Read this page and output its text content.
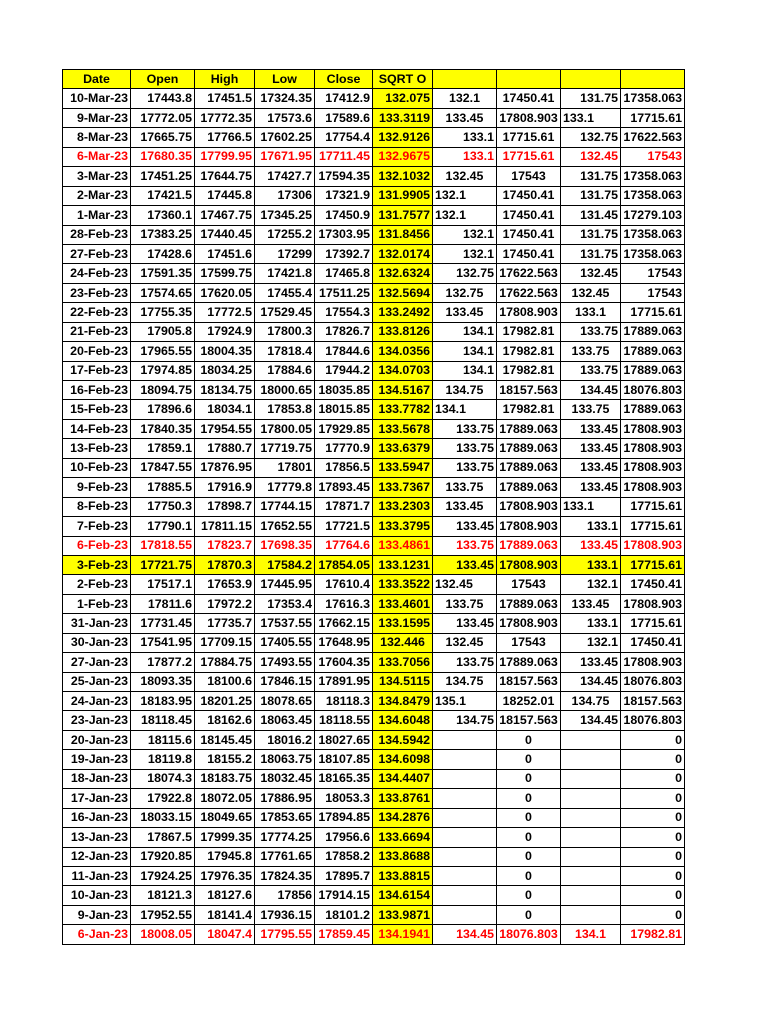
Date	Open	High	Low	Close	SQRT O				
10-Mar-23	17443.8	17451.5	17324.35	17412.9	132.075	132.1	17450.41	131.75	17358.063
9-Mar-23	17772.05	17772.35	17573.6	17589.6	133.3119	133.45	17808.903	133.1	17715.61
8-Mar-23	17665.75	17766.5	17602.25	17754.4	132.9126	133.1	17715.61	132.75	17622.563
6-Mar-23	17680.35	17799.95	17671.95	17711.45	132.9675	133.1	17715.61	132.45	17543
3-Mar-23	17451.25	17644.75	17427.7	17594.35	132.1032	132.45	17543	131.75	17358.063
2-Mar-23	17421.5	17445.8	17306	17321.9	131.9905	132.1	17450.41	131.75	17358.063
1-Mar-23	17360.1	17467.75	17345.25	17450.9	131.7577	132.1	17450.41	131.45	17279.103
28-Feb-23	17383.25	17440.45	17255.2	17303.95	131.8456	132.1	17450.41	131.75	17358.063
27-Feb-23	17428.6	17451.6	17299	17392.7	132.0174	132.1	17450.41	131.75	17358.063
24-Feb-23	17591.35	17599.75	17421.8	17465.8	132.6324	132.75	17622.563	132.45	17543
23-Feb-23	17574.65	17620.05	17455.4	17511.25	132.5694	132.75	17622.563	132.45	17543
22-Feb-23	17755.35	17772.5	17529.45	17554.3	133.2492	133.45	17808.903	133.1	17715.61
21-Feb-23	17905.8	17924.9	17800.3	17826.7	133.8126	134.1	17982.81	133.75	17889.063
20-Feb-23	17965.55	18004.35	17818.4	17844.6	134.0356	134.1	17982.81	133.75	17889.063
17-Feb-23	17974.85	18034.25	17884.6	17944.2	134.0703	134.1	17982.81	133.75	17889.063
16-Feb-23	18094.75	18134.75	18000.65	18035.85	134.5167	134.75	18157.563	134.45	18076.803
15-Feb-23	17896.6	18034.1	17853.8	18015.85	133.7782	134.1	17982.81	133.75	17889.063
14-Feb-23	17840.35	17954.55	17800.05	17929.85	133.5678	133.75	17889.063	133.45	17808.903
13-Feb-23	17859.1	17880.7	17719.75	17770.9	133.6379	133.75	17889.063	133.45	17808.903
10-Feb-23	17847.55	17876.95	17801	17856.5	133.5947	133.75	17889.063	133.45	17808.903
9-Feb-23	17885.5	17916.9	17779.8	17893.45	133.7367	133.75	17889.063	133.45	17808.903
8-Feb-23	17750.3	17898.7	17744.15	17871.7	133.2303	133.45	17808.903	133.1	17715.61
7-Feb-23	17790.1	17811.15	17652.55	17721.5	133.3795	133.45	17808.903	133.1	17715.61
6-Feb-23	17818.55	17823.7	17698.35	17764.6	133.4861	133.75	17889.063	133.45	17808.903
3-Feb-23	17721.75	17870.3	17584.2	17854.05	133.1231	133.45	17808.903	133.1	17715.61
2-Feb-23	17517.1	17653.9	17445.95	17610.4	133.3522	132.45	17543	132.1	17450.41
1-Feb-23	17811.6	17972.2	17353.4	17616.3	133.4601	133.75	17889.063	133.45	17808.903
31-Jan-23	17731.45	17735.7	17537.55	17662.15	133.1595	133.45	17808.903	133.1	17715.61
30-Jan-23	17541.95	17709.15	17405.55	17648.95	132.446	132.45	17543	132.1	17450.41
27-Jan-23	17877.2	17884.75	17493.55	17604.35	133.7056	133.75	17889.063	133.45	17808.903
25-Jan-23	18093.35	18100.6	17846.15	17891.95	134.5115	134.75	18157.563	134.45	18076.803
24-Jan-23	18183.95	18201.25	18078.65	18118.3	134.8479	135.1	18252.01	134.75	18157.563
23-Jan-23	18118.45	18162.6	18063.45	18118.55	134.6048	134.75	18157.563	134.45	18076.803
20-Jan-23	18115.6	18145.45	18016.2	18027.65	134.5942		0		0
19-Jan-23	18119.8	18155.2	18063.75	18107.85	134.6098		0		0
18-Jan-23	18074.3	18183.75	18032.45	18165.35	134.4407		0		0
17-Jan-23	17922.8	18072.05	17886.95	18053.3	133.8761		0		0
16-Jan-23	18033.15	18049.65	17853.65	17894.85	134.2876		0		0
13-Jan-23	17867.5	17999.35	17774.25	17956.6	133.6694		0		0
12-Jan-23	17920.85	17945.8	17761.65	17858.2	133.8688		0		0
11-Jan-23	17924.25	17976.35	17824.35	17895.7	133.8815		0		0
10-Jan-23	18121.3	18127.6	17856	17914.15	134.6154		0		0
9-Jan-23	17952.55	18141.4	17936.15	18101.2	133.9871		0		0
6-Jan-23	18008.05	18047.4	17795.55	17859.45	134.1941	134.45	18076.803	134.1	17982.81
